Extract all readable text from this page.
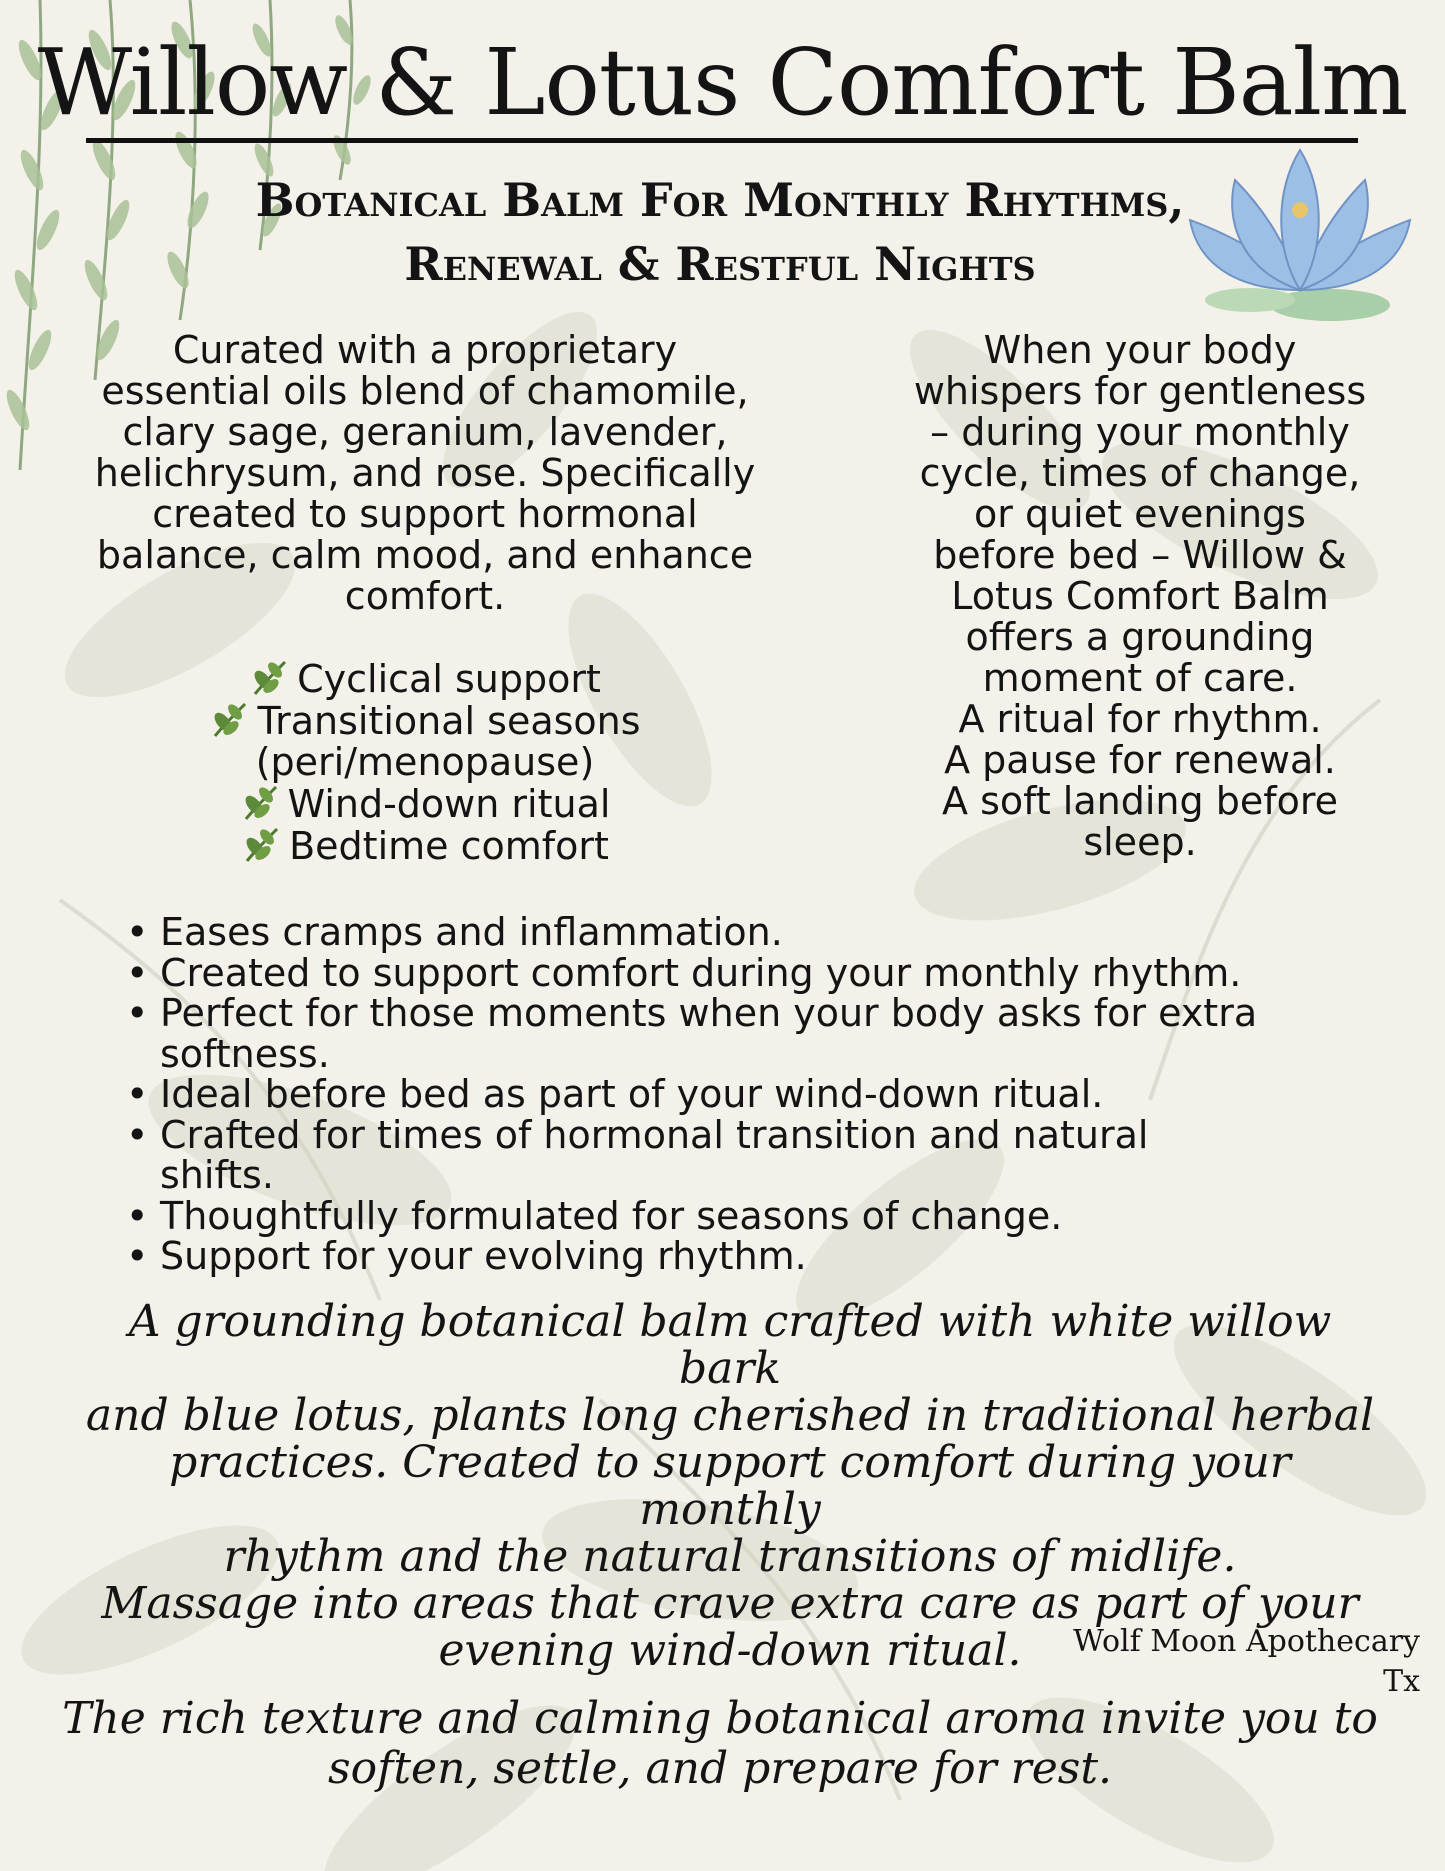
Willow & Lotus Comfort Balm
Botanical Balm For Monthly Rhythms,
Renewal & Restful Nights
Curated with a proprietary
essential oils blend of chamomile,
clary sage, geranium, lavender,
helichrysum, and rose. Specifically
created to support hormonal
balance, calm mood, and enhance
comfort.
Cyclical support
Transitional seasons
(peri/menopause)
Wind-down ritual
Bedtime comfort
When your body
whispers for gentleness
– during your monthly
cycle, times of change,
or quiet evenings
before bed – Willow &
Lotus Comfort Balm
offers a grounding
moment of care.
A ritual for rhythm.
A pause for renewal.
A soft landing before
sleep.
• Eases cramps and inflammation.
• Created to support comfort during your monthly rhythm.
• Perfect for those moments when your body asks for extra softness.
• Ideal before bed as part of your wind-down ritual.
• Crafted for times of hormonal transition and natural shifts.
• Thoughtfully formulated for seasons of change.
• Support for your evolving rhythm.
A grounding botanical balm crafted with white willow bark
and blue lotus, plants long cherished in traditional herbal
practices. Created to support comfort during your monthly
rhythm and the natural transitions of midlife.
Massage into areas that crave extra care as part of your
evening wind-down ritual.	Wolf Moon Apothecary Tx
The rich texture and calming botanical aroma invite you to
soften, settle, and prepare for rest.
